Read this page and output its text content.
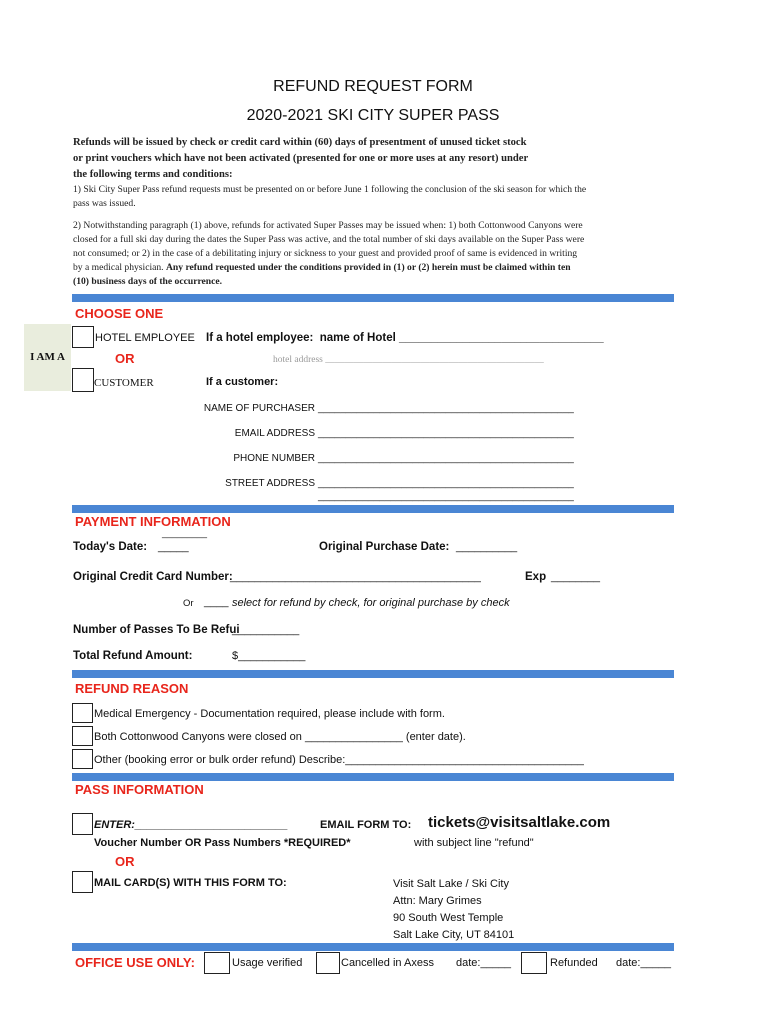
REFUND REQUEST FORM
2020-2021 SKI CITY SUPER PASS
Refunds will be issued by check or credit card within (60) days of presentment of unused ticket stock
or print vouchers which have not been activated (presented for one or more uses at any resort) under
the following terms and conditions:
1) Ski City Super Pass refund requests must be presented on or before June 1 following the conclusion of the ski season for which the
pass was issued.
2) Notwithstanding paragraph (1) above, refunds for activated Super Passes may be issued when: 1) both Cottonwood Canyons were
closed for a full ski day during the dates the Super Pass was active, and the total number of ski days available on the Super Pass were
not consumed; or 2) in the case of a debilitating injury or sickness to your guest and provided proof of same is evidenced in writing
by a medical physician. Any refund requested under the conditions provided in (1) or (2) herein must be claimed within ten
(10) business days of the occurrence.
CHOOSE ONE
I AM A
HOTEL EMPLOYEE
OR
CUSTOMER
If a hotel employee: name of Hotel ________________________________
hotel address ______________________________________________
If a customer:
NAME OF PURCHASER ______________________________________________
EMAIL ADDRESS ______________________________________________
PHONE NUMBER ______________________________________________
STREET ADDRESS ______________________________________________
______________________________________________
PAYMENT INFORMATION
_________
Today's Date: _____	Original Purchase Date: __________
Original Credit Card Number:
_________________________________________	Exp ________
Or ____ select for refund by check, for original purchase by check
Number of Passes To Be Refui
___________
Total Refund Amount:	$___________
REFUND REASON
Medical Emergency - Documentation required, please include with form.
Both Cottonwood Canyons were closed on ________________ (enter date).
Other (booking error or bulk order refund) Describe:_______________________________________
PASS INFORMATION
ENTER:_________________________	EMAIL FORM TO: tickets@visitsaltlake.com
Voucher Number OR Pass Numbers *REQUIRED*	with subject line "refund"
OR
MAIL CARD(S) WITH THIS FORM TO:	Visit Salt Lake / Ski City
Attn: Mary Grimes
90 South West Temple
Salt Lake City, UT 84101
OFFICE USE ONLY:	Usage verified	Cancelled in Axess date:_____	Refunded date:_____
